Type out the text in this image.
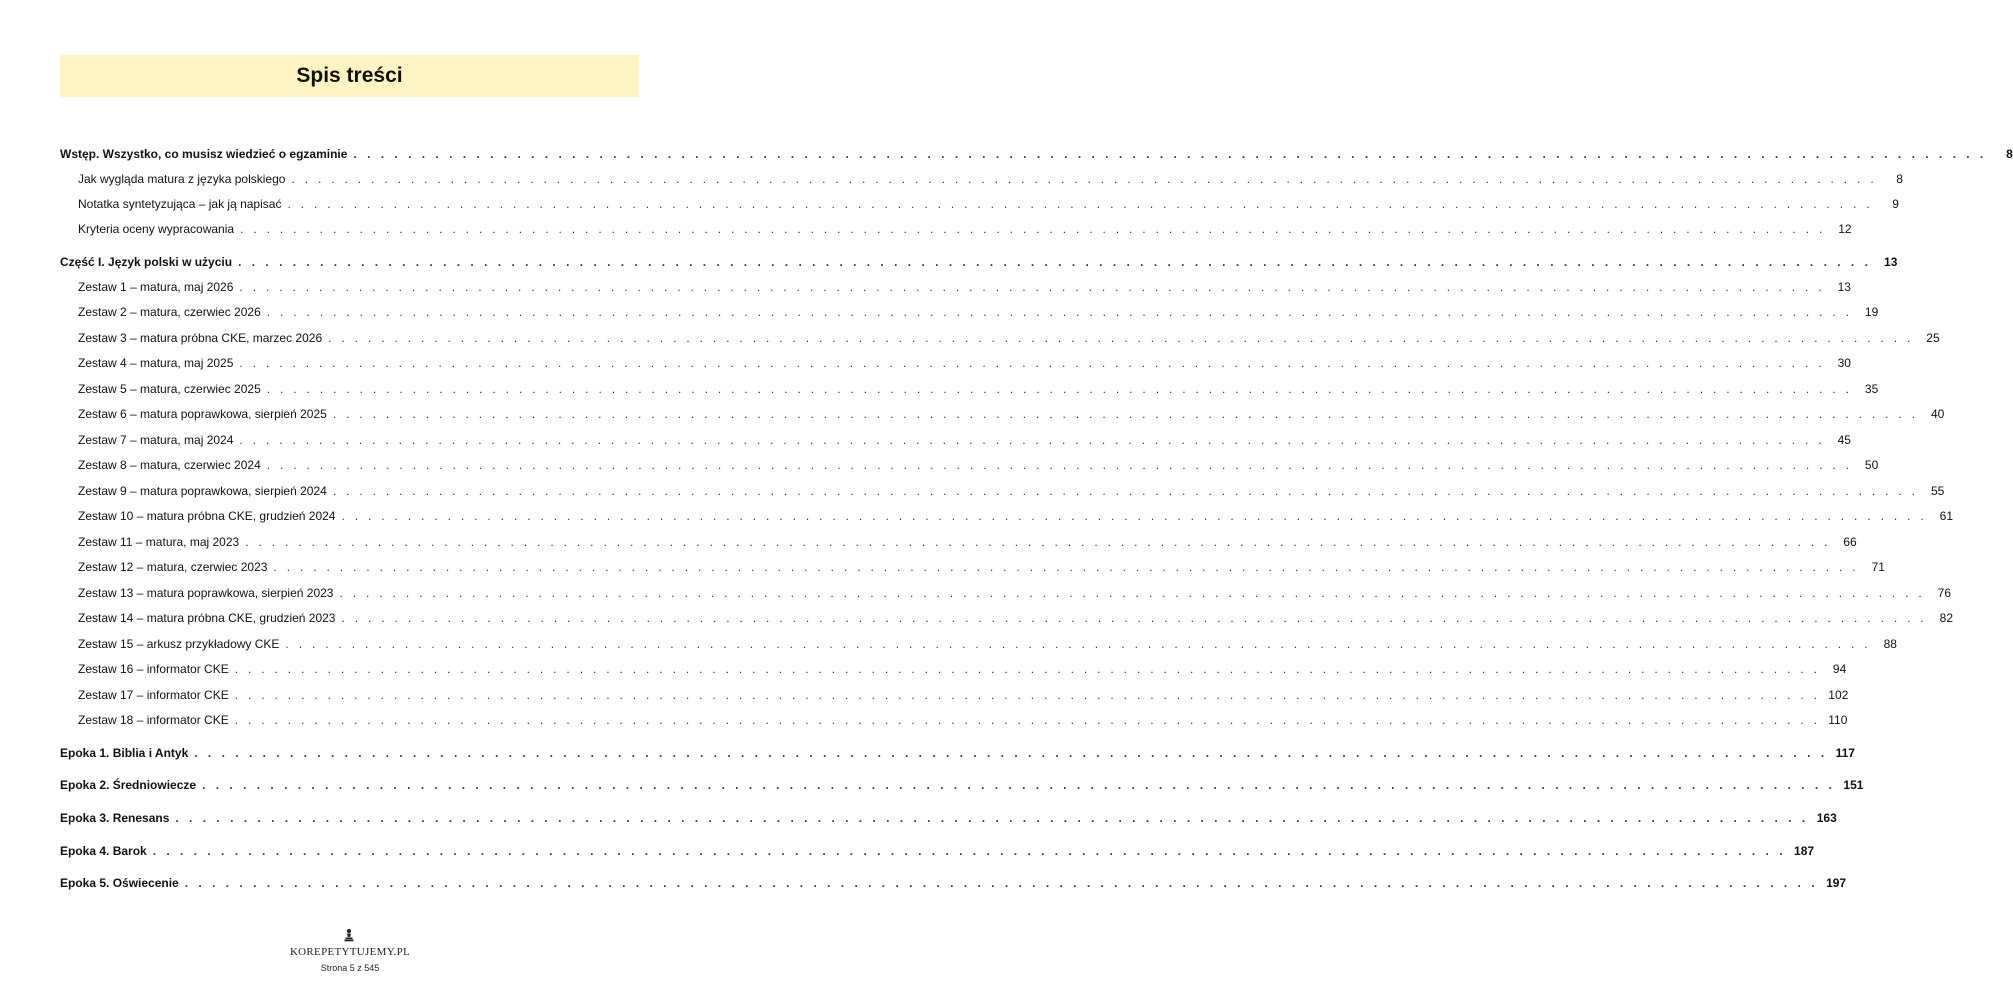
Spis treści
Wstęp. Wszystko, co musisz wiedzieć o egzaminie . . . . . . . . . . . . . . . . . . . . . . . . . . . . . . . . . . . . . . . . . . . . . . . . . . . . . . . . . . . . . . . . . . . . . . . . . . . . . . . . . . . . . . . . . . . . . . . . . . . . . . . . . . . . . . . . . . . . . . . .	8
Jak wygląda matura z języka polskiego . . . . . . . . . . . . . . . . . . . . . . . . . . . . . . . . . . . . . . . . . . . . . . . . . . . . . . . . . . . . . . . . . . . . . . . . . . . . . . . . . . . . . . . . . . . . . . . . . . . . . . . . . . . . . . . . . . . . . . . .	8
Notatka syntetyzująca – jak ją napisać . . . . . . . . . . . . . . . . . . . . . . . . . . . . . . . . . . . . . . . . . . . . . . . . . . . . . . . . . . . . . . . . . . . . . . . . . . . . . . . . . . . . . . . . . . . . . . . . . . . . . . . . . . . . . . . . . . . . . . . .	9
Kryteria oceny wypracowania . . . . . . . . . . . . . . . . . . . . . . . . . . . . . . . . . . . . . . . . . . . . . . . . . . . . . . . . . . . . . . . . . . . . . . . . . . . . . . . . . . . . . . . . . . . . . . . . . . . . . . . . . . . . . . . . . . . . . . . .	12
Część I. Język polski w użyciu . . . . . . . . . . . . . . . . . . . . . . . . . . . . . . . . . . . . . . . . . . . . . . . . . . . . . . . . . . . . . . . . . . . . . . . . . . . . . . . . . . . . . . . . . . . . . . . . . . . . . . . . . . . . . . . . . . . . . . . .	13
Zestaw 1 – matura, maj 2026 . . . . . . . . . . . . . . . . . . . . . . . . . . . . . . . . . . . . . . . . . . . . . . . . . . . . . . . . . . . . . . . . . . . . . . . . . . . . . . . . . . . . . . . . . . . . . . . . . . . . . . . . . . . . . . . . . . . . . . . .	13
Zestaw 2 – matura, czerwiec 2026 . . . . . . . . . . . . . . . . . . . . . . . . . . . . . . . . . . . . . . . . . . . . . . . . . . . . . . . . . . . . . . . . . . . . . . . . . . . . . . . . . . . . . . . . . . . . . . . . . . . . . . . . . . . . . . . . . . . . . . . .	19
Zestaw 3 – matura próbna CKE, marzec 2026 . . . . . . . . . . . . . . . . . . . . . . . . . . . . . . . . . . . . . . . . . . . . . . . . . . . . . . . . . . . . . . . . . . . . . . . . . . . . . . . . . . . . . . . . . . . . . . . . . . . . . . . . . . . . . . . . . . . . . . . .	25
Zestaw 4 – matura, maj 2025 . . . . . . . . . . . . . . . . . . . . . . . . . . . . . . . . . . . . . . . . . . . . . . . . . . . . . . . . . . . . . . . . . . . . . . . . . . . . . . . . . . . . . . . . . . . . . . . . . . . . . . . . . . . . . . . . . . . . . . . .	30
Zestaw 5 – matura, czerwiec 2025 . . . . . . . . . . . . . . . . . . . . . . . . . . . . . . . . . . . . . . . . . . . . . . . . . . . . . . . . . . . . . . . . . . . . . . . . . . . . . . . . . . . . . . . . . . . . . . . . . . . . . . . . . . . . . . . . . . . . . . . .	35
Zestaw 6 – matura poprawkowa, sierpień 2025 . . . . . . . . . . . . . . . . . . . . . . . . . . . . . . . . . . . . . . . . . . . . . . . . . . . . . . . . . . . . . . . . . . . . . . . . . . . . . . . . . . . . . . . . . . . . . . . . . . . . . . . . . . . . . . . . . . . . . . . .	40
Zestaw 7 – matura, maj 2024 . . . . . . . . . . . . . . . . . . . . . . . . . . . . . . . . . . . . . . . . . . . . . . . . . . . . . . . . . . . . . . . . . . . . . . . . . . . . . . . . . . . . . . . . . . . . . . . . . . . . . . . . . . . . . . . . . . . . . . . .	45
Zestaw 8 – matura, czerwiec 2024 . . . . . . . . . . . . . . . . . . . . . . . . . . . . . . . . . . . . . . . . . . . . . . . . . . . . . . . . . . . . . . . . . . . . . . . . . . . . . . . . . . . . . . . . . . . . . . . . . . . . . . . . . . . . . . . . . . . . . . . .	50
Zestaw 9 – matura poprawkowa, sierpień 2024 . . . . . . . . . . . . . . . . . . . . . . . . . . . . . . . . . . . . . . . . . . . . . . . . . . . . . . . . . . . . . . . . . . . . . . . . . . . . . . . . . . . . . . . . . . . . . . . . . . . . . . . . . . . . . . . . . . . . . . . .	55
Zestaw 10 – matura próbna CKE, grudzień 2024 . . . . . . . . . . . . . . . . . . . . . . . . . . . . . . . . . . . . . . . . . . . . . . . . . . . . . . . . . . . . . . . . . . . . . . . . . . . . . . . . . . . . . . . . . . . . . . . . . . . . . . . . . . . . . . . . . . . . . . . .	61
Zestaw 11 – matura, maj 2023 . . . . . . . . . . . . . . . . . . . . . . . . . . . . . . . . . . . . . . . . . . . . . . . . . . . . . . . . . . . . . . . . . . . . . . . . . . . . . . . . . . . . . . . . . . . . . . . . . . . . . . . . . . . . . . . . . . . . . . . .	66
Zestaw 12 – matura, czerwiec 2023 . . . . . . . . . . . . . . . . . . . . . . . . . . . . . . . . . . . . . . . . . . . . . . . . . . . . . . . . . . . . . . . . . . . . . . . . . . . . . . . . . . . . . . . . . . . . . . . . . . . . . . . . . . . . . . . . . . . . . . . .	71
Zestaw 13 – matura poprawkowa, sierpień 2023 . . . . . . . . . . . . . . . . . . . . . . . . . . . . . . . . . . . . . . . . . . . . . . . . . . . . . . . . . . . . . . . . . . . . . . . . . . . . . . . . . . . . . . . . . . . . . . . . . . . . . . . . . . . . . . . . . . . . . . . .	76
Zestaw 14 – matura próbna CKE, grudzień 2023 . . . . . . . . . . . . . . . . . . . . . . . . . . . . . . . . . . . . . . . . . . . . . . . . . . . . . . . . . . . . . . . . . . . . . . . . . . . . . . . . . . . . . . . . . . . . . . . . . . . . . . . . . . . . . . . . . . . . . . . .	82
Zestaw 15 – arkusz przykładowy CKE . . . . . . . . . . . . . . . . . . . . . . . . . . . . . . . . . . . . . . . . . . . . . . . . . . . . . . . . . . . . . . . . . . . . . . . . . . . . . . . . . . . . . . . . . . . . . . . . . . . . . . . . . . . . . . . . . . . . . . . .	88
Zestaw 16 – informator CKE . . . . . . . . . . . . . . . . . . . . . . . . . . . . . . . . . . . . . . . . . . . . . . . . . . . . . . . . . . . . . . . . . . . . . . . . . . . . . . . . . . . . . . . . . . . . . . . . . . . . . . . . . . . . . . . . . . . . . . . .	94
Zestaw 17 – informator CKE . . . . . . . . . . . . . . . . . . . . . . . . . . . . . . . . . . . . . . . . . . . . . . . . . . . . . . . . . . . . . . . . . . . . . . . . . . . . . . . . . . . . . . . . . . . . . . . . . . . . . . . . . . . . . . . . . . . . . . . . 102
Zestaw 18 – informator CKE . . . . . . . . . . . . . . . . . . . . . . . . . . . . . . . . . . . . . . . . . . . . . . . . . . . . . . . . . . . . . . . . . . . . . . . . . . . . . . . . . . . . . . . . . . . . . . . . . . . . . . . . . . . . . . . . . . . . . . . . 110
Epoka 1. Biblia i Antyk . . . . . . . . . . . . . . . . . . . . . . . . . . . . . . . . . . . . . . . . . . . . . . . . . . . . . . . . . . . . . . . . . . . . . . . . . . . . . . . . . . . . . . . . . . . . . . . . . . . . . . . . . . . . . . . . . . . . . . . . 117
Epoka 2. Średniowiecze . . . . . . . . . . . . . . . . . . . . . . . . . . . . . . . . . . . . . . . . . . . . . . . . . . . . . . . . . . . . . . . . . . . . . . . . . . . . . . . . . . . . . . . . . . . . . . . . . . . . . . . . . . . . . . . . . . . . . . . . 151
Epoka 3. Renesans . . . . . . . . . . . . . . . . . . . . . . . . . . . . . . . . . . . . . . . . . . . . . . . . . . . . . . . . . . . . . . . . . . . . . . . . . . . . . . . . . . . . . . . . . . . . . . . . . . . . . . . . . . . . . . . . . . . . . . . . 163
Epoka 4. Barok . . . . . . . . . . . . . . . . . . . . . . . . . . . . . . . . . . . . . . . . . . . . . . . . . . . . . . . . . . . . . . . . . . . . . . . . . . . . . . . . . . . . . . . . . . . . . . . . . . . . . . . . . . . . . . . . . . . . . . . . 187
Epoka 5. Oświecenie . . . . . . . . . . . . . . . . . . . . . . . . . . . . . . . . . . . . . . . . . . . . . . . . . . . . . . . . . . . . . . . . . . . . . . . . . . . . . . . . . . . . . . . . . . . . . . . . . . . . . . . . . . . . . . . . . . . . . . . . 197
KOREPETYTUJEMY.PL
Strona 5 z 545
